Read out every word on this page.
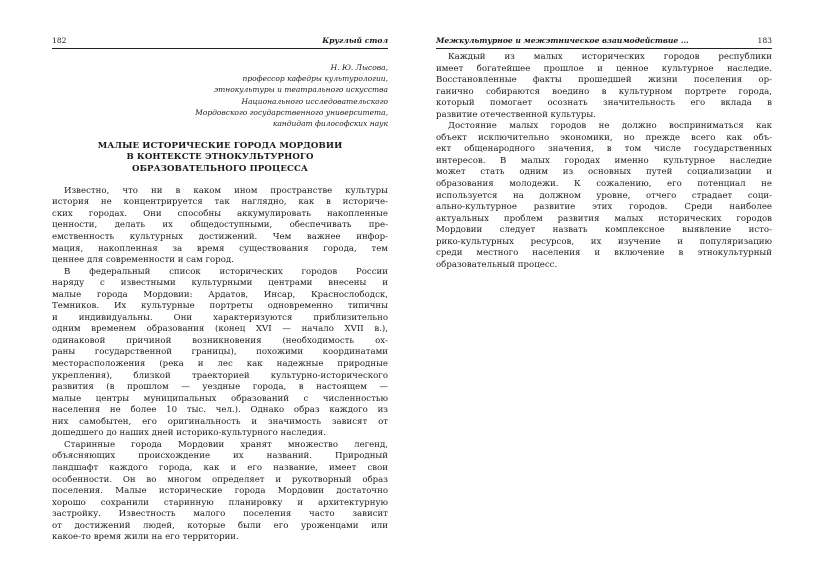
182	Круглый стол
Н. Ю. Лысова,
профессор кафедры культурологии,
этнокультуры и театрального искусства
Национального исследовательского
Мордовского государственного университета,
кандидат философских наук
МАЛЫЕ ИСТОРИЧЕСКИЕ ГОРОДА МОРДОВИИ
В КОНТЕКСТЕ ЭТНОКУЛЬТУРНОГО
ОБРАЗОВАТЕЛЬНОГО ПРОЦЕССА
Известно, что ни в каком ином пространстве культуры
история не концентрируется так наглядно, как в историче-
ских городах. Они способны аккумулировать накопленные
ценности, делать их общедоступными, обеспечивать пре-
емственность культурных достижений. Чем важнее инфор-
мация, накопленная за время существования города, тем
ценнее для современности и сам город.
В федеральный список исторических городов России
наряду с известными культурными центрами внесены и
малые города Мордовии: Ардатов, Инсар, Краснослободск,
Темников. Их культурные портреты одновременно типичны
и индивидуальны. Они характеризуются приблизительно
одним временем образования (конец XVI — начало XVII в.),
одинаковой причиной возникновения (необходимость ох-
раны государственной границы), похожими координатами
месторасположения (река и лес как надежные природные
укрепления), близкой траекторией культурно-исторического
развития (в прошлом — уездные города, в настоящем —
малые центры муниципальных образований с численностью
населения не более 10 тыс. чел.). Однако образ каждого из
них самобытен, его оригинальность и значимость зависят от
дошедшего до наших дней историко-культурного наследия.
Старинные города Мордовии хранят множество легенд,
объясняющих происхождение их названий. Природный
ландшафт каждого города, как и его название, имеет свои
особенности. Он во многом определяет и рукотворный образ
поселения. Малые исторические города Мордовии достаточно
хорошо сохранили старинную планировку и архитектурную
застройку. Известность малого поселения часто зависит
от достижений людей, которые были его уроженцами или
какое-то время жили на его территории.
Межкультурное и межэтническое взаимодействие ...	183
Каждый из малых исторических городов республики
имеет богатейшее прошлое и ценное культурное наследие.
Восстановленные факты прошедшей жизни поселения ор-
ганично собираются воедино в культурном портрете города,
который помогает осознать значительность его вклада в
развитие отечественной культуры.
Достояние малых городов не должно восприниматься как
объект исключительно экономики, но прежде всего как объ-
ект общенародного значения, в том числе государственных
интересов. В малых городах именно культурное наследие
может стать одним из основных путей социализации и
образования молодежи. К сожалению, его потенциал не
используется на должном уровне, отчего страдает соци-
ально-культурное развитие этих городов. Среди наиболее
актуальных проблем развития малых исторических городов
Мордовии следует назвать комплексное выявление исто-
рико-культурных ресурсов, их изучение и популяризацию
среди местного населения и включение в этнокультурный
образовательный процесс.
